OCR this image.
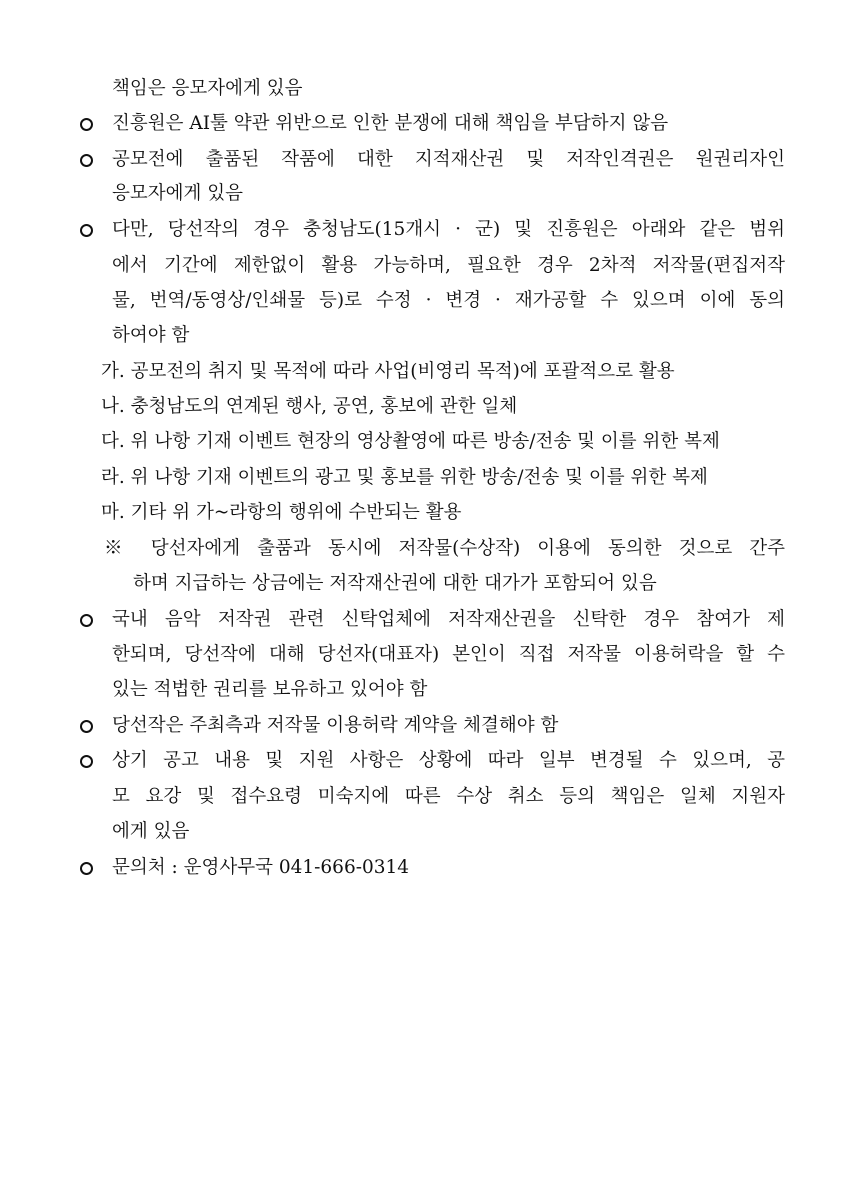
책임은 응모자에게 있음
진흥원은 AI툴 약관 위반으로 인한 분쟁에 대해 책임을 부담하지 않음
공모전에 출품된 작품에 대한 지적재산권 및 저작인격권은 원권리자인
응모자에게 있음
다만, 당선작의 경우 충청남도(15개시 · 군) 및 진흥원은 아래와 같은 범위
에서 기간에 제한없이 활용 가능하며, 필요한 경우 2차적 저작물(편집저작
물, 번역/동영상/인쇄물 등)로 수정 · 변경 · 재가공할 수 있으며 이에 동의
하여야 함
가. 공모전의 취지 및 목적에 따라 사업(비영리 목적)에 포괄적으로 활용
나. 충청남도의 연계된 행사, 공연, 홍보에 관한 일체
다. 위 나항 기재 이벤트 현장의 영상촬영에 따른 방송/전송 및 이를 위한 복제
라. 위 나항 기재 이벤트의 광고 및 홍보를 위한 방송/전송 및 이를 위한 복제
마. 기타 위 가~라항의 행위에 수반되는 활용
※ 당선자에게 출품과 동시에 저작물(수상작) 이용에 동의한 것으로 간주
하며 지급하는 상금에는 저작재산권에 대한 대가가 포함되어 있음
국내 음악 저작권 관련 신탁업체에 저작재산권을 신탁한 경우 참여가 제
한되며, 당선작에 대해 당선자(대표자) 본인이 직접 저작물 이용허락을 할 수
있는 적법한 권리를 보유하고 있어야 함
당선작은 주최측과 저작물 이용허락 계약을 체결해야 함
상기 공고 내용 및 지원 사항은 상황에 따라 일부 변경될 수 있으며, 공
모 요강 및 접수요령 미숙지에 따른 수상 취소 등의 책임은 일체 지원자
에게 있음
문의처 : 운영사무국 041-666-0314
